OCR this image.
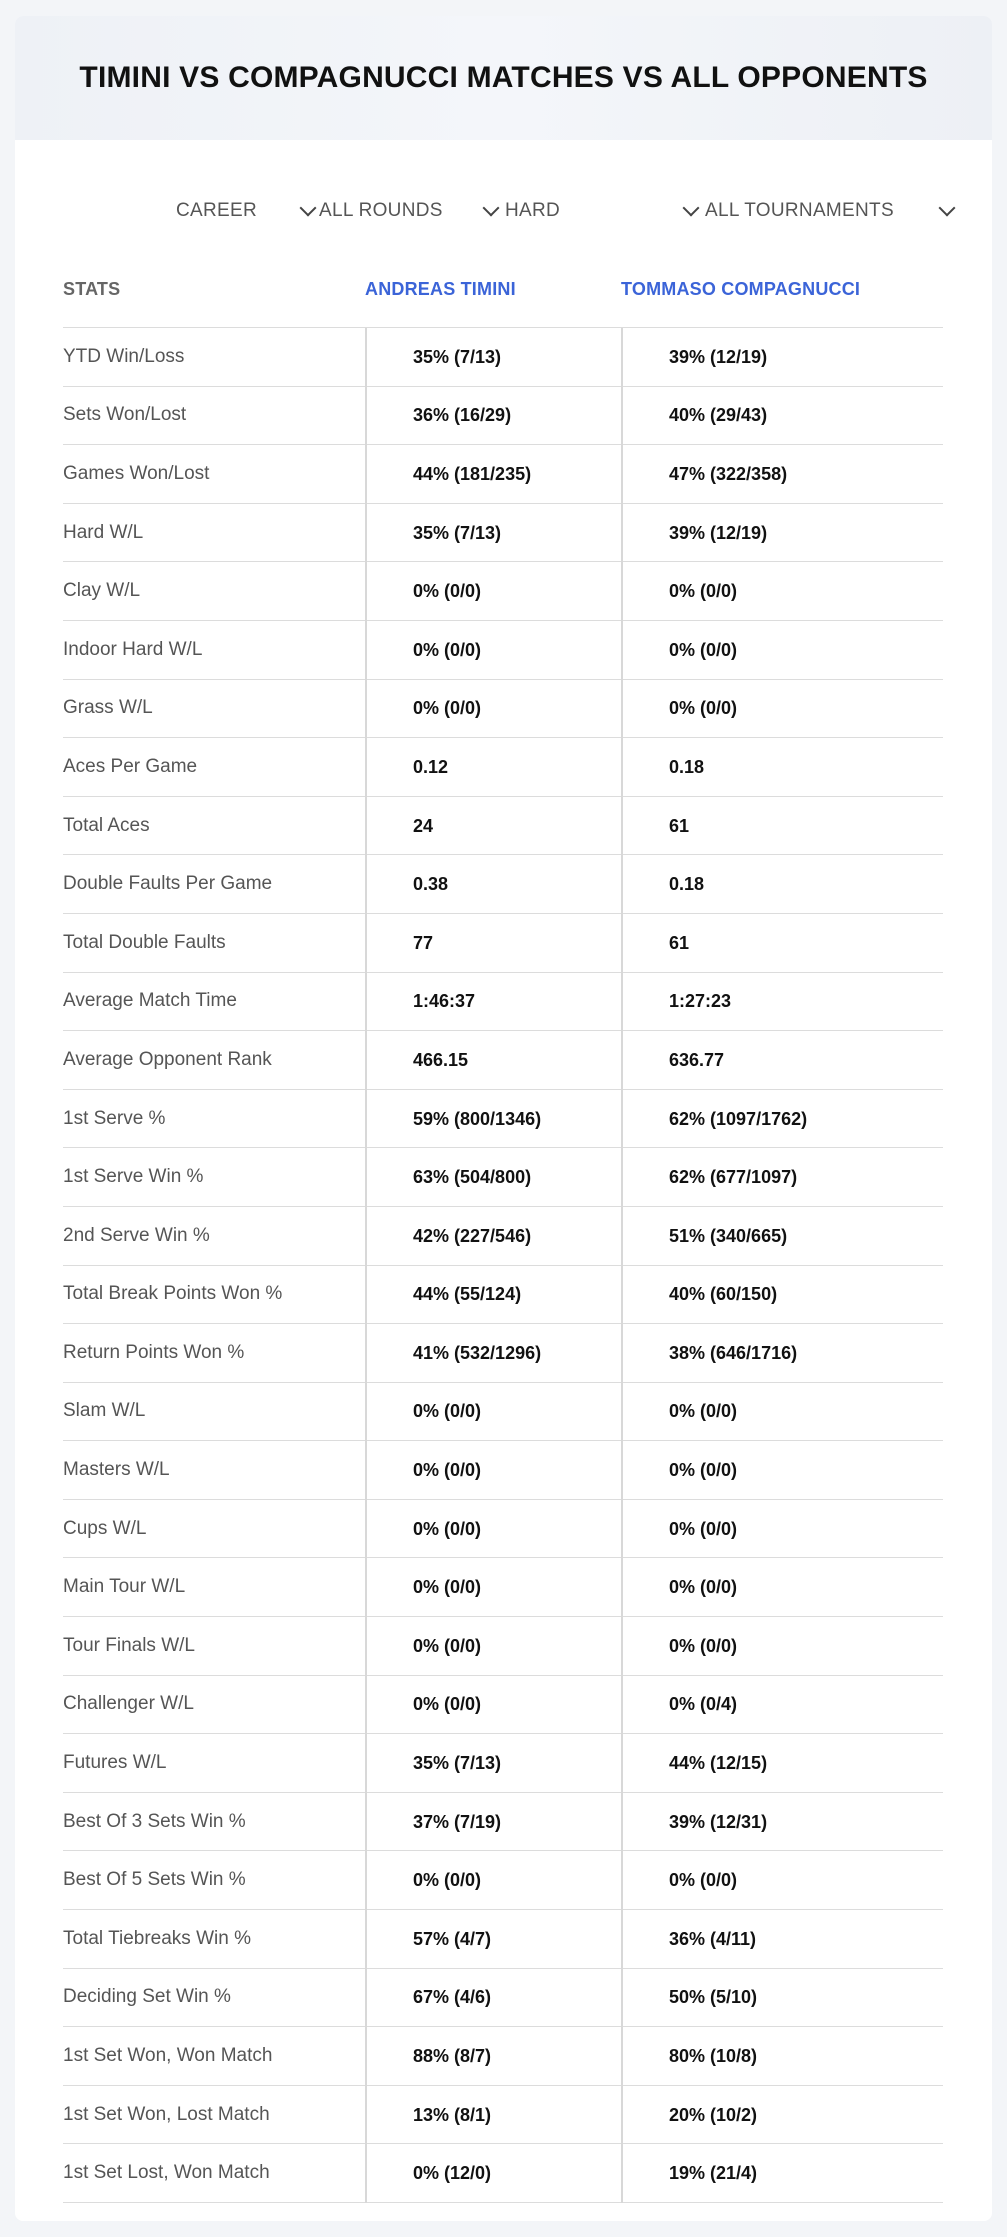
TIMINI VS COMPAGNUCCI MATCHES VS ALL OPPONENTS
CAREER	ALL ROUNDS	HARD	ALL TOURNAMENTS
STATS	ANDREAS TIMINI	TOMMASO COMPAGNUCCI
YTD Win/Loss	35% (7/13)	39% (12/19)
Sets Won/Lost	36% (16/29)	40% (29/43)
Games Won/Lost	44% (181/235)	47% (322/358)
Hard W/L	35% (7/13)	39% (12/19)
Clay W/L	0% (0/0)	0% (0/0)
Indoor Hard W/L	0% (0/0)	0% (0/0)
Grass W/L	0% (0/0)	0% (0/0)
Aces Per Game	0.12	0.18
Total Aces	24	61
Double Faults Per Game	0.38	0.18
Total Double Faults	77	61
Average Match Time	1:46:37	1:27:23
Average Opponent Rank	466.15	636.77
1st Serve %	59% (800/1346)	62% (1097/1762)
1st Serve Win %	63% (504/800)	62% (677/1097)
2nd Serve Win %	42% (227/546)	51% (340/665)
Total Break Points Won %	44% (55/124)	40% (60/150)
Return Points Won %	41% (532/1296)	38% (646/1716)
Slam W/L	0% (0/0)	0% (0/0)
Masters W/L	0% (0/0)	0% (0/0)
Cups W/L	0% (0/0)	0% (0/0)
Main Tour W/L	0% (0/0)	0% (0/0)
Tour Finals W/L	0% (0/0)	0% (0/0)
Challenger W/L	0% (0/0)	0% (0/4)
Futures W/L	35% (7/13)	44% (12/15)
Best Of 3 Sets Win %	37% (7/19)	39% (12/31)
Best Of 5 Sets Win %	0% (0/0)	0% (0/0)
Total Tiebreaks Win %	57% (4/7)	36% (4/11)
Deciding Set Win %	67% (4/6)	50% (5/10)
1st Set Won, Won Match	88% (8/7)	80% (10/8)
1st Set Won, Lost Match	13% (8/1)	20% (10/2)
1st Set Lost, Won Match	0% (12/0)	19% (21/4)
